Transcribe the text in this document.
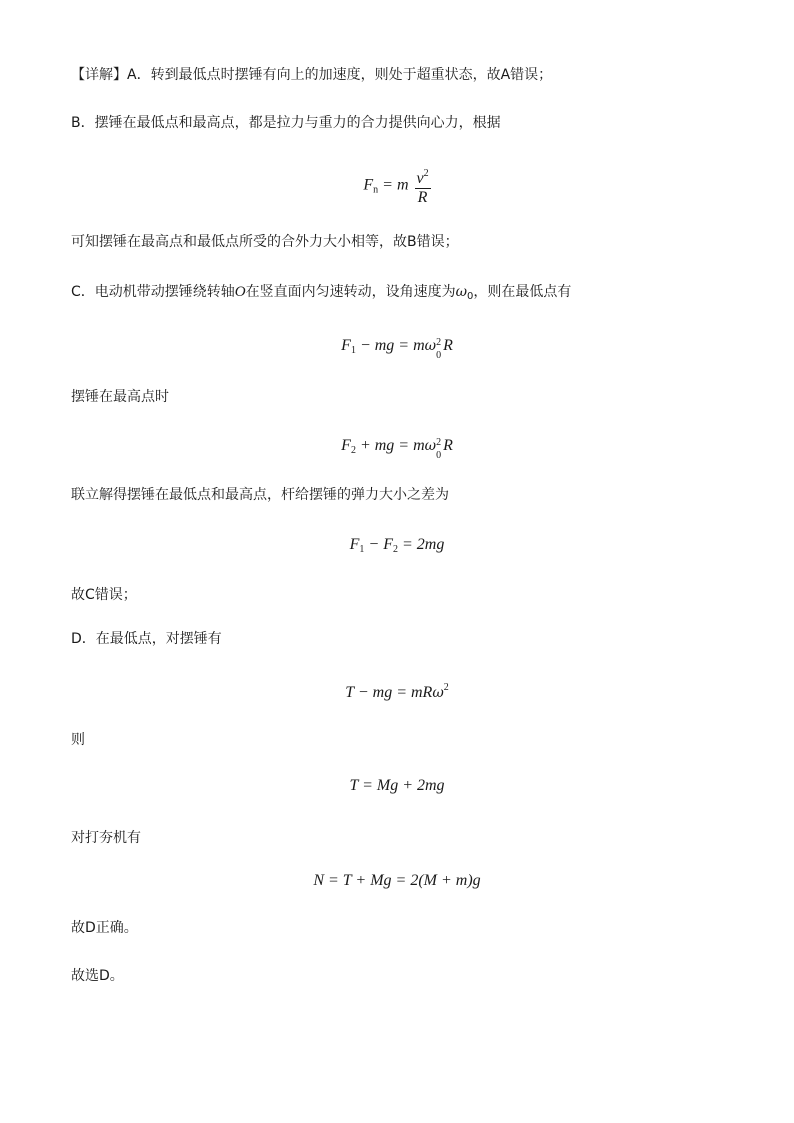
【详解】A．转到最低点时摆锤有向上的加速度，则处于超重状态，故A错误；
B．摆锤在最低点和最高点，都是拉力与重力的合力提供向心力，根据
$F_n = m \frac{v^2}{R}$
可知摆锤在最高点和最低点所受的合外力大小相等，故B错误；
C．电动机带动摆锤绕转轴O在竖直面内匀速转动，设角速度为$\omega_0$，则在最低点有
$F_1$ − mg = mω 2
0
R
摆锤在最高点时
$F_2$ + mg = mω 2
0
R
联立解得摆锤在最低点和最高点，杆给摆锤的弹力大小之差为
$F_1 - F_2 = 2mg$
故C错误；
D．在最低点，对摆锤有
T − mg = mRω$^2$
则
T = Mg + 2mg
对打夯机有
N = T + Mg = 2(M + m)g
故D正确。
故选D。
